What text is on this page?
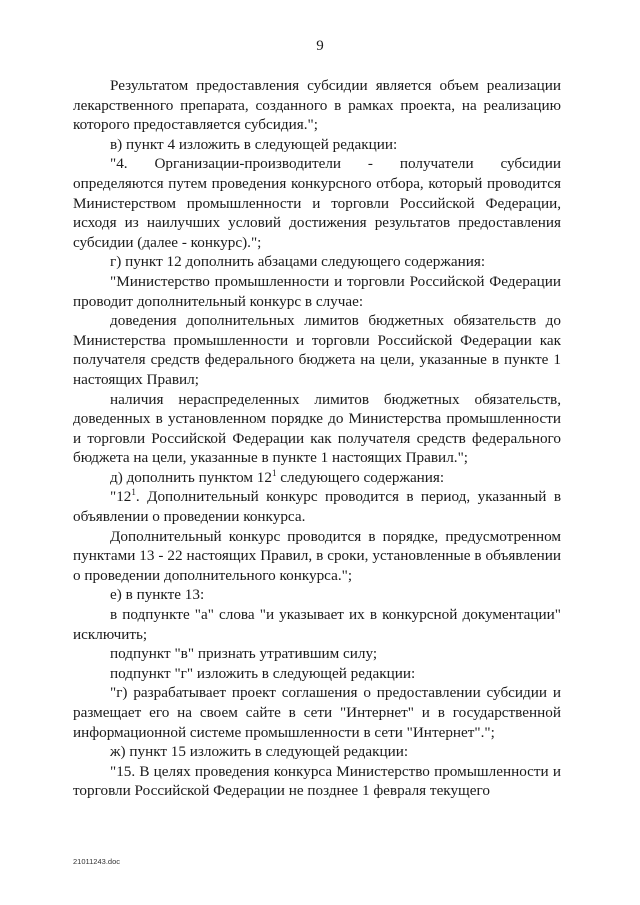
9

Результатом предоставления субсидии является объем реализации лекарственного препарата, созданного в рамках проекта, на реализацию которого предоставляется субсидия.";

в) пункт 4 изложить в следующей редакции:

"4. Организации-производители - получатели субсидии определяются путем проведения конкурсного отбора, который проводится Министерством промышленности и торговли Российской Федерации, исходя из наилучших условий достижения результатов предоставления субсидии (далее - конкурс).";

г) пункт 12 дополнить абзацами следующего содержания:

"Министерство промышленности и торговли Российской Федерации проводит дополнительный конкурс в случае:

доведения дополнительных лимитов бюджетных обязательств до Министерства промышленности и торговли Российской Федерации как получателя средств федерального бюджета на цели, указанные в пункте 1 настоящих Правил;

наличия нераспределенных лимитов бюджетных обязательств, доведенных в установленном порядке до Министерства промышленности и торговли Российской Федерации как получателя средств федерального бюджета на цели, указанные в пункте 1 настоящих Правил.";

д) дополнить пунктом $12^1$ следующего содержания:

"$12^1$. Дополнительный конкурс проводится в период, указанный в объявлении о проведении конкурса.

Дополнительный конкурс проводится в порядке, предусмотренном пунктами 13 - 22 настоящих Правил, в сроки, установленные в объявлении о проведении дополнительного конкурса.";

е) в пункте 13:

в подпункте "а" слова "и указывает их в конкурсной документации" исключить;

подпункт "в" признать утратившим силу;

подпункт "г" изложить в следующей редакции:

"г) разрабатывает проект соглашения о предоставлении субсидии и размещает его на своем сайте в сети "Интернет" и в государственной информационной системе промышленности в сети "Интернет".";

ж) пункт 15 изложить в следующей редакции:

"15. В целях проведения конкурса Министерство промышленности и торговли Российской Федерации не позднее 1 февраля текущего

21011243.doc
